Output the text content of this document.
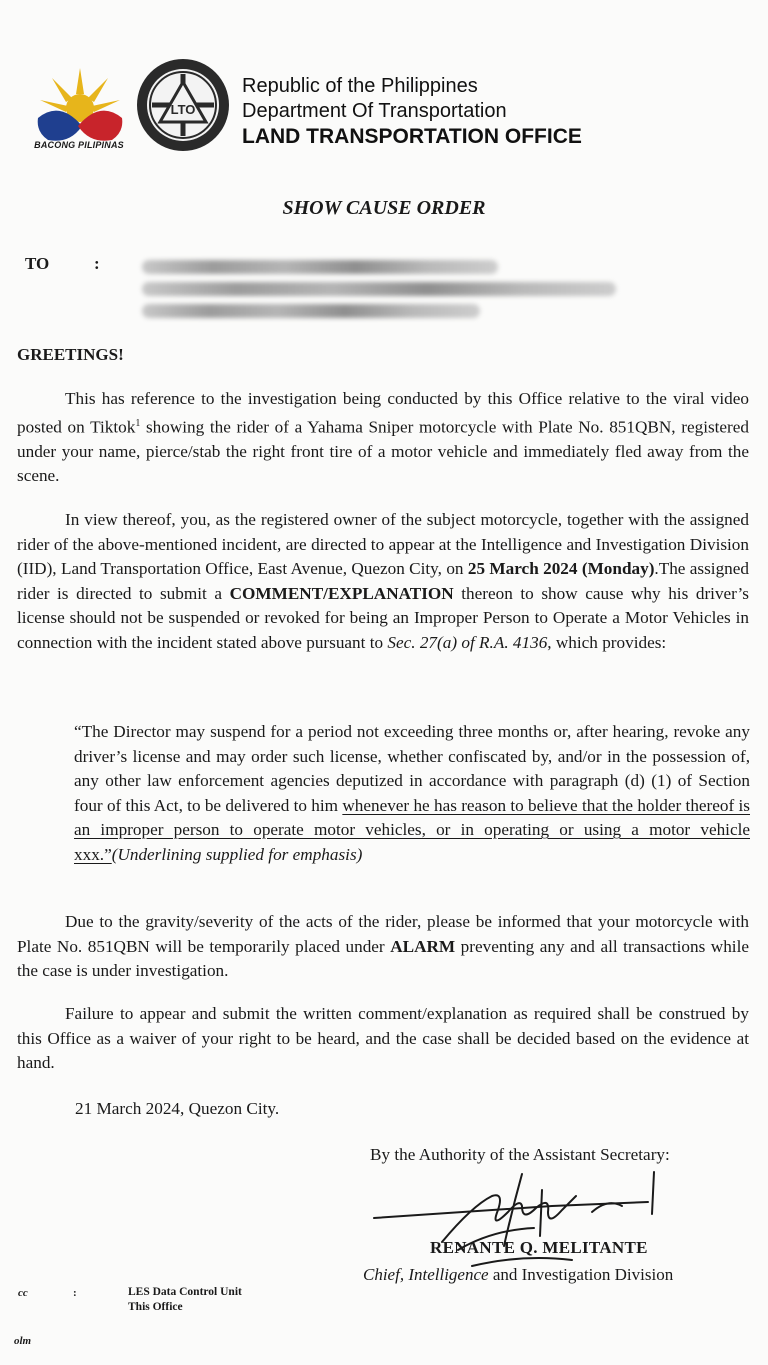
BACONG PILIPINAS
LTO
Republic of the Philippines
Department Of Transportation
LAND TRANSPORTATION OFFICE
SHOW CAUSE ORDER
TO	:
GREETINGS!

This has reference to the investigation being conducted by this Office relative to the viral video posted on Tiktok$^1$ showing the rider of a Yahama Sniper motorcycle with Plate No. 851QBN, registered under your name, pierce/stab the right front tire of a motor vehicle and immediately fled away from the scene.

In view thereof, you, as the registered owner of the subject motorcycle, together with the assigned rider of the above-mentioned incident, are directed to appear at the Intelligence and Investigation Division (IID), Land Transportation Office, East Avenue, Quezon City, on 25 March 2024 (Monday).The assigned rider is directed to submit a COMMENT/EXPLANATION thereon to show cause why his driver’s license should not be suspended or revoked for being an Improper Person to Operate a Motor Vehicles in connection with the incident stated above pursuant to Sec. 27(a) of R.A. 4136, which provides:

“The Director may suspend for a period not exceeding three months or, after hearing, revoke any driver’s license and may order such license, whether confiscated by, and/or in the possession of, any other law enforcement agencies deputized in accordance with paragraph (d) (1) of Section four of this Act, to be delivered to him whenever he has reason to believe that the holder thereof is an improper person to operate motor vehicles, or in operating or using a motor vehicle xxx.”(Underlining supplied for emphasis)

Due to the gravity/severity of the acts of the rider, please be informed that your motorcycle with Plate No. 851QBN will be temporarily placed under ALARM preventing any and all transactions while the case is under investigation.

Failure to appear and submit the written comment/explanation as required shall be construed by this Office as a waiver of your right to be heard, and the case shall be decided based on the evidence at hand.

21 March 2024, Quezon City.
By the Authority of the Assistant Secretary:
RENANTE Q. MELITANTE
Chief, Intelligence and Investigation Division
cc	:	LES Data Control Unit
This Office
olm
